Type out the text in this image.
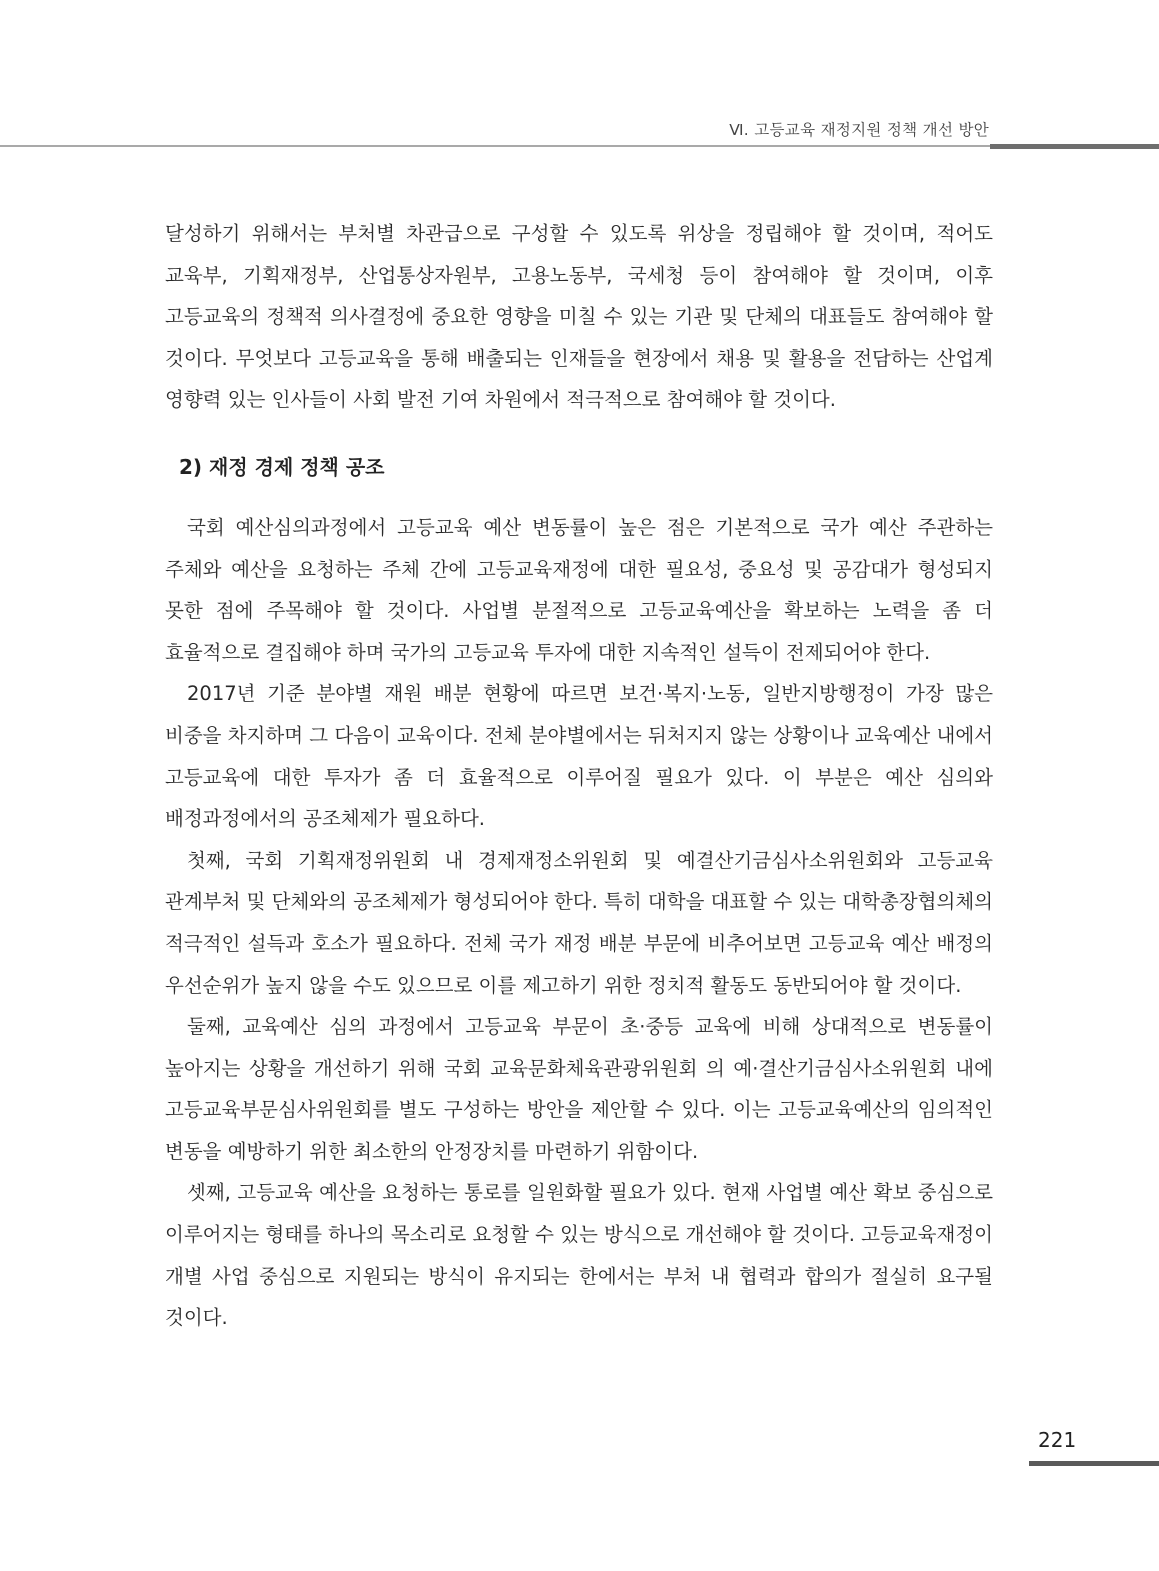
Ⅵ. 고등교육 재정지원 정책 개선 방안

달성하기 위해서는 부처별 차관급으로 구성할 수 있도록 위상을 정립해야 할 것이며, 적어도 교육부, 기획재정부, 산업통상자원부, 고용노동부, 국세청 등이 참여해야 할 것이며, 이후 고등교육의 정책적 의사결정에 중요한 영향을 미칠 수 있는 기관 및 단체의 대표들도 참여해야 할 것이다. 무엇보다 고등교육을 통해 배출되는 인재들을 현장에서 채용 및 활용을 전담하는 산업계 영향력 있는 인사들이 사회 발전 기여 차원에서 적극적으로 참여해야 할 것이다.

2) 재정 경제 정책 공조

국회 예산심의과정에서 고등교육 예산 변동률이 높은 점은 기본적으로 국가 예산 주관하는 주체와 예산을 요청하는 주체 간에 고등교육재정에 대한 필요성, 중요성 및 공감대가 형성되지 못한 점에 주목해야 할 것이다. 사업별 분절적으로 고등교육예산을 확보하는 노력을 좀 더 효율적으로 결집해야 하며 국가의 고등교육 투자에 대한 지속적인 설득이 전제되어야 한다.

2017년 기준 분야별 재원 배분 현황에 따르면 보건·복지·노동, 일반지방행정이 가장 많은 비중을 차지하며 그 다음이 교육이다. 전체 분야별에서는 뒤처지지 않는 상황이나 교육예산 내에서 고등교육에 대한 투자가 좀 더 효율적으로 이루어질 필요가 있다. 이 부분은 예산 심의와 배정과정에서의 공조체제가 필요하다.

첫째, 국회 기획재정위원회 내 경제재정소위원회 및 예결산기금심사소위원회와 고등교육 관계부처 및 단체와의 공조체제가 형성되어야 한다. 특히 대학을 대표할 수 있는 대학총장협의체의 적극적인 설득과 호소가 필요하다. 전체 국가 재정 배분 부문에 비추어보면 고등교육 예산 배정의 우선순위가 높지 않을 수도 있으므로 이를 제고하기 위한 정치적 활동도 동반되어야 할 것이다.

둘째, 교육예산 심의 과정에서 고등교육 부문이 초·중등 교육에 비해 상대적으로 변동률이 높아지는 상황을 개선하기 위해 국회 교육문화체육관광위원회 의 예·결산기금심사소위원회 내에 고등교육부문심사위원회를 별도 구성하는 방안을 제안할 수 있다. 이는 고등교육예산의 임의적인 변동을 예방하기 위한 최소한의 안정장치를 마련하기 위함이다.

셋째, 고등교육 예산을 요청하는 통로를 일원화할 필요가 있다. 현재 사업별 예산 확보 중심으로 이루어지는 형태를 하나의 목소리로 요청할 수 있는 방식으로 개선해야 할 것이다. 고등교육재정이 개별 사업 중심으로 지원되는 방식이 유지되는 한에서는 부처 내 협력과 합의가 절실히 요구될 것이다.

221
